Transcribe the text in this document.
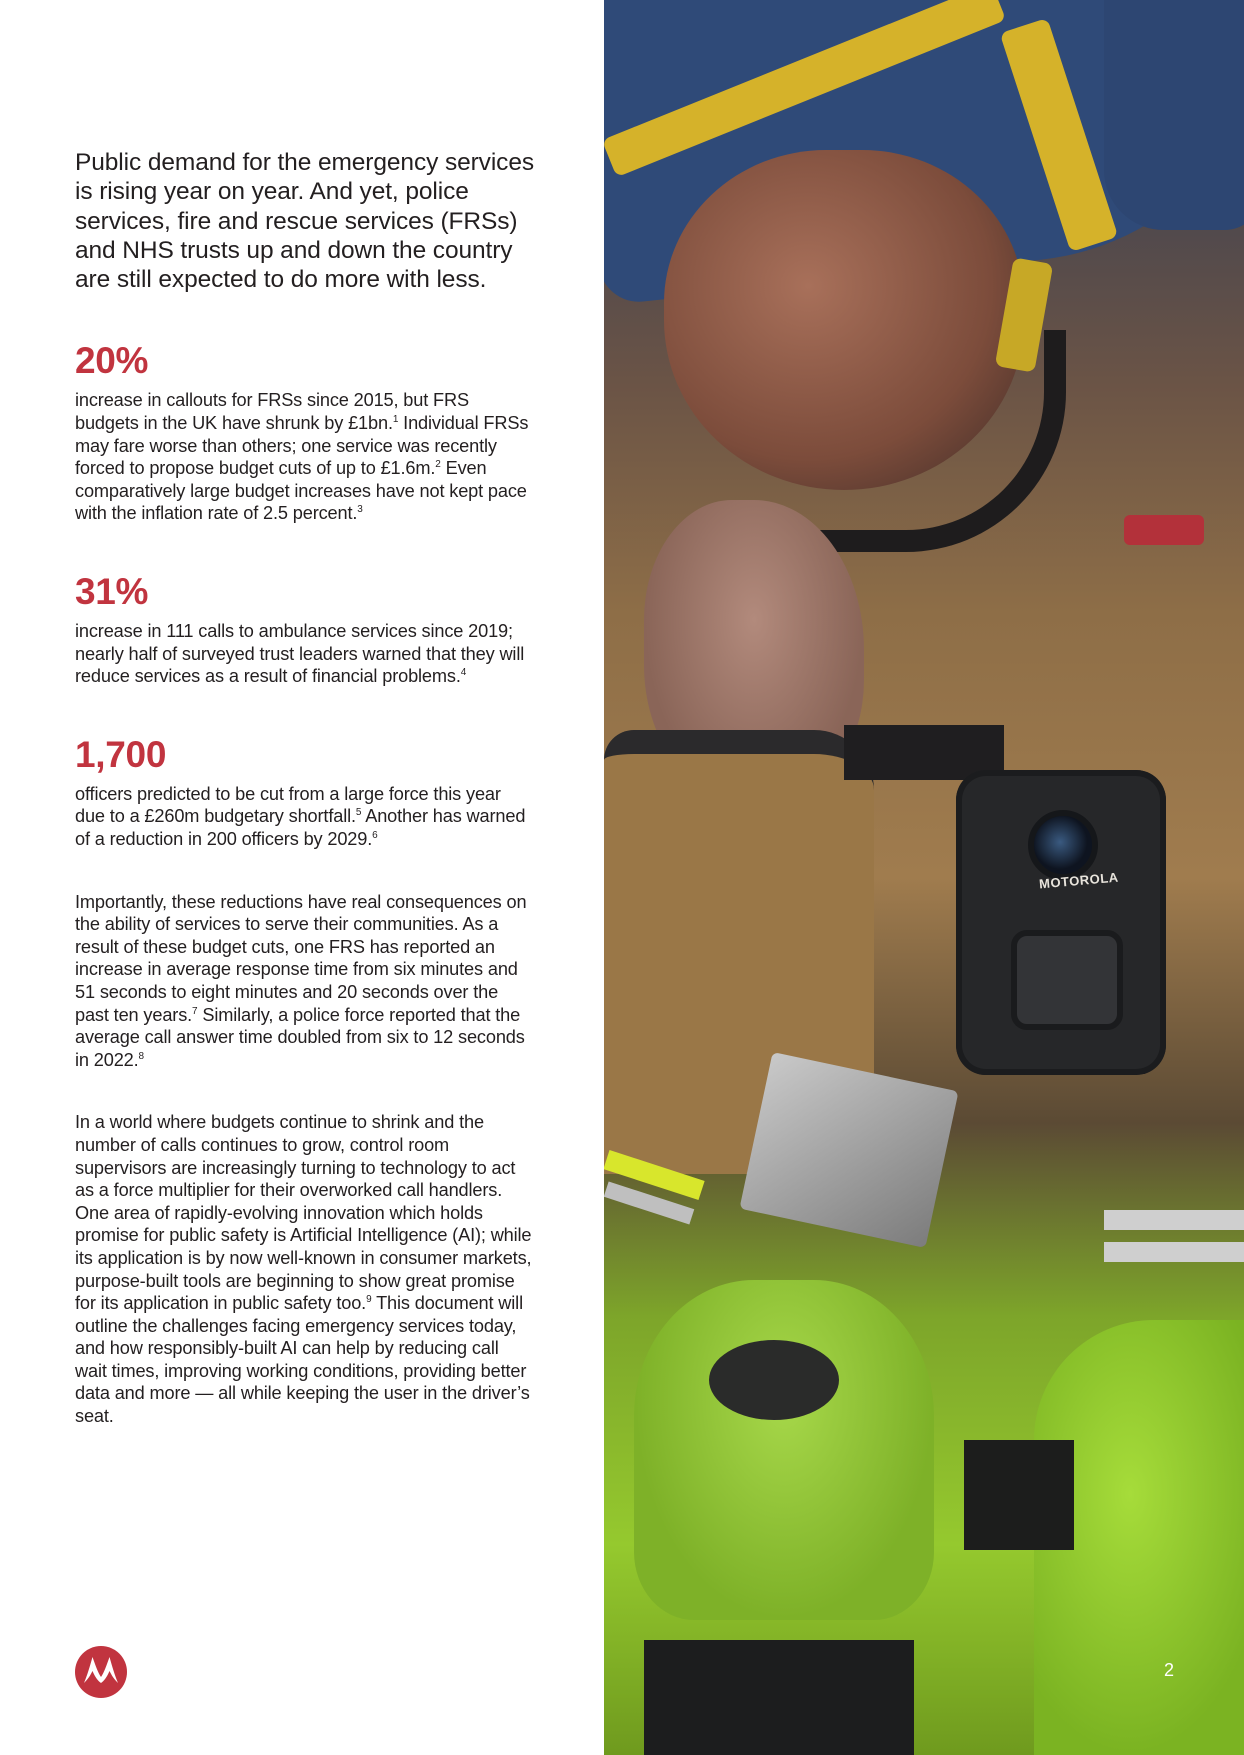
Public demand for the emergency services is rising year on year. And yet, police services, fire and rescue services (FRSs) and NHS trusts up and down the country are still expected to do more with less.

20%

increase in callouts for FRSs since 2015, but FRS budgets in the UK have shrunk by £1bn.$^1$ Individual FRSs may fare worse than others; one service was recently forced to propose budget cuts of up to £1.6m.$^2$ Even comparatively large budget increases have not kept pace with the inflation rate of 2.5 percent.$^3$

31%

increase in 111 calls to ambulance services since 2019; nearly half of surveyed trust leaders warned that they will reduce services as a result of financial problems.$^4$

1,700

officers predicted to be cut from a large force this year due to a £260m budgetary shortfall.$^5$ Another has warned of a reduction in 200 officers by 2029.$^6$

Importantly, these reductions have real consequences on the ability of services to serve their communities. As a result of these budget cuts, one FRS has reported an increase in average response time from six minutes and 51 seconds to eight minutes and 20 seconds over the past ten years.$^7$ Similarly, a police force reported that the average call answer time doubled from six to 12 seconds in 2022.$^8$

In a world where budgets continue to shrink and the number of calls continues to grow, control room supervisors are increasingly turning to technology to act as a force multiplier for their overworked call handlers. One area of rapidly-evolving innovation which holds promise for public safety is Artificial Intelligence (AI); while its application is by now well-known in consumer markets, purpose-built tools are beginning to show great promise for its application in public safety too.$^9$ This document will outline the challenges facing emergency services today, and how responsibly-built AI can help by reducing call wait times, improving working conditions, providing better data and more — all while keeping the user in the driver’s seat.

MOTOROLA
2
